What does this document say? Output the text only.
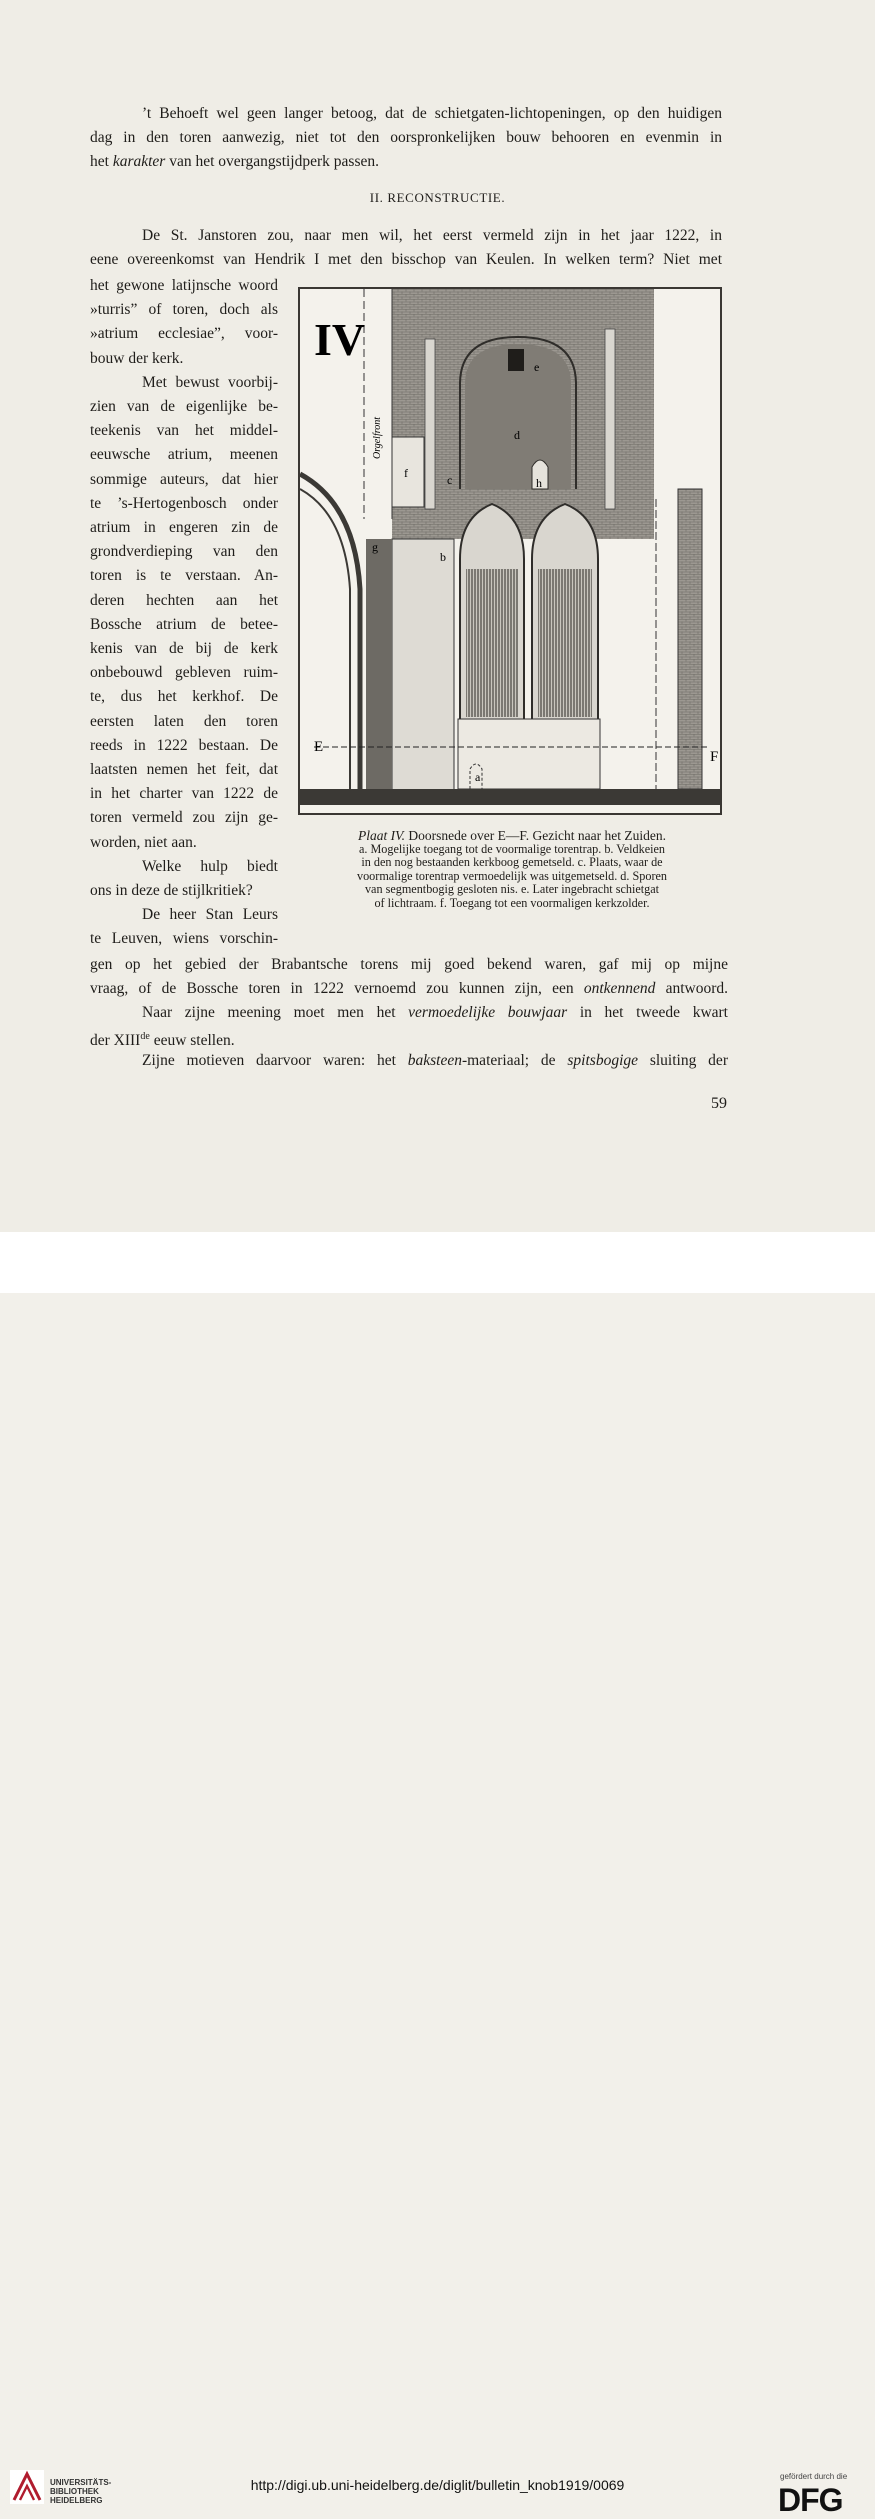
’t Behoeft wel geen langer betoog, dat de schietgaten-lichtopeningen, op den huidigen

dag in den toren aanwezig, niet tot den oorspronkelijken bouw behooren en evenmin in

het karakter van het overgangstijdperk passen.

II. RECONSTRUCTIE.

De St. Janstoren zou, naar men wil, het eerst vermeld zijn in het jaar 1222, in

eene overeenkomst van Hendrik I met den bisschop van Keulen. In welken term? Niet met

het gewone latijnsche woord

»turris” of toren, doch als

»atrium ecclesiae”, voor-

bouw der kerk.

Met bewust voorbij-

zien van de eigenlijke be-

teekenis van het middel-

eeuwsche atrium, meenen

sommige auteurs, dat hier

te ’s-Hertogenbosch onder

atrium in engeren zin de

grondverdieping van den

toren is te verstaan. An-

deren hechten aan het

Bossche atrium de betee-

kenis van de bij de kerk

onbebouwd gebleven ruim-

te, dus het kerkhof. De

eersten laten den toren

reeds in 1222 bestaan. De

laatsten nemen het feit, dat

in het charter van 1222 de

toren vermeld zou zijn ge-

worden, niet aan.

Welke hulp biedt

ons in deze de stijlkritiek?

De heer Stan Leurs

te Leuven, wiens vorschin-

Orgelfront
IV
E
F
a
b
c
d
e
f
g
h
Plaat IV. Doorsnede over E—F. Gezicht naar het Zuiden.
a. Mogelijke toegang tot de voormalige torentrap. b. Veldkeien
in den nog bestaanden kerkboog gemetseld. c. Plaats, waar de
voormalige torentrap vermoedelijk was uitgemetseld. d. Sporen
van segmentbogig gesloten nis. e. Later ingebracht schietgat
of lichtraam. f. Toegang tot een voormaligen kerkzolder.

gen op het gebied der Brabantsche torens mij goed bekend waren, gaf mij op mijne

vraag, of de Bossche toren in 1222 vernoemd zou kunnen zijn, een ontkennend antwoord.

Naar zijne meening moet men het vermoedelijke bouwjaar in het tweede kwart

der XIIIde eeuw stellen.

Zijne motieven daarvoor waren: het baksteen-materiaal; de spitsbogige sluiting der

59
UNIVERSITÄTS-
BIBLIOTHEK
HEIDELBERG
http://digi.ub.uni-heidelberg.de/diglit/bulletin_knob1919/0069
gefördert durch die
DFG
